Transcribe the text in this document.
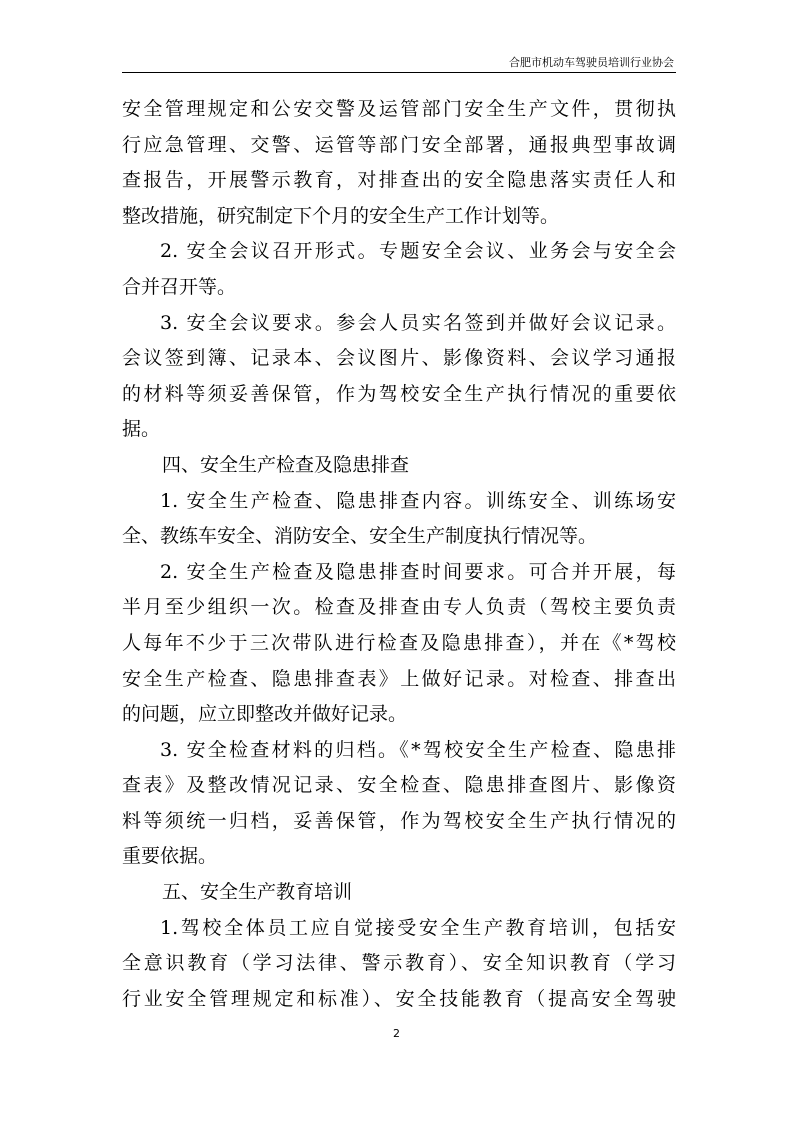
合肥市机动车驾驶员培训行业协会
安全管理规定和公安交警及运管部门安全生产文件，贯彻执
行应急管理、交警、运管等部门安全部署，通报典型事故调
查报告，开展警示教育，对排查出的安全隐患落实责任人和
整改措施，研究制定下个月的安全生产工作计划等。
2. 安全会议召开形式。专题安全会议、业务会与安全会
合并召开等。
3. 安全会议要求。参会人员实名签到并做好会议记录。
会议签到簿、记录本、会议图片、影像资料、会议学习通报
的材料等须妥善保管，作为驾校安全生产执行情况的重要依
据。
四、安全生产检查及隐患排查
1. 安全生产检查、隐患排查内容。训练安全、训练场安
全、教练车安全、消防安全、安全生产制度执行情况等。
2. 安全生产检查及隐患排查时间要求。可合并开展，每
半月至少组织一次。检查及排查由专人负责（驾校主要负责
人每年不少于三次带队进行检查及隐患排查），并在《*驾校
安全生产检查、隐患排查表》上做好记录。对检查、排查出
的问题，应立即整改并做好记录。
3. 安全检查材料的归档。《*驾校安全生产检查、隐患排
查表》及整改情况记录、安全检查、隐患排查图片、影像资
料等须统一归档，妥善保管，作为驾校安全生产执行情况的
重要依据。
五、安全生产教育培训
1.驾校全体员工应自觉接受安全生产教育培训，包括安
全意识教育（学习法律、警示教育）、安全知识教育（学习
行业安全管理规定和标准）、安全技能教育（提高安全驾驶
2
